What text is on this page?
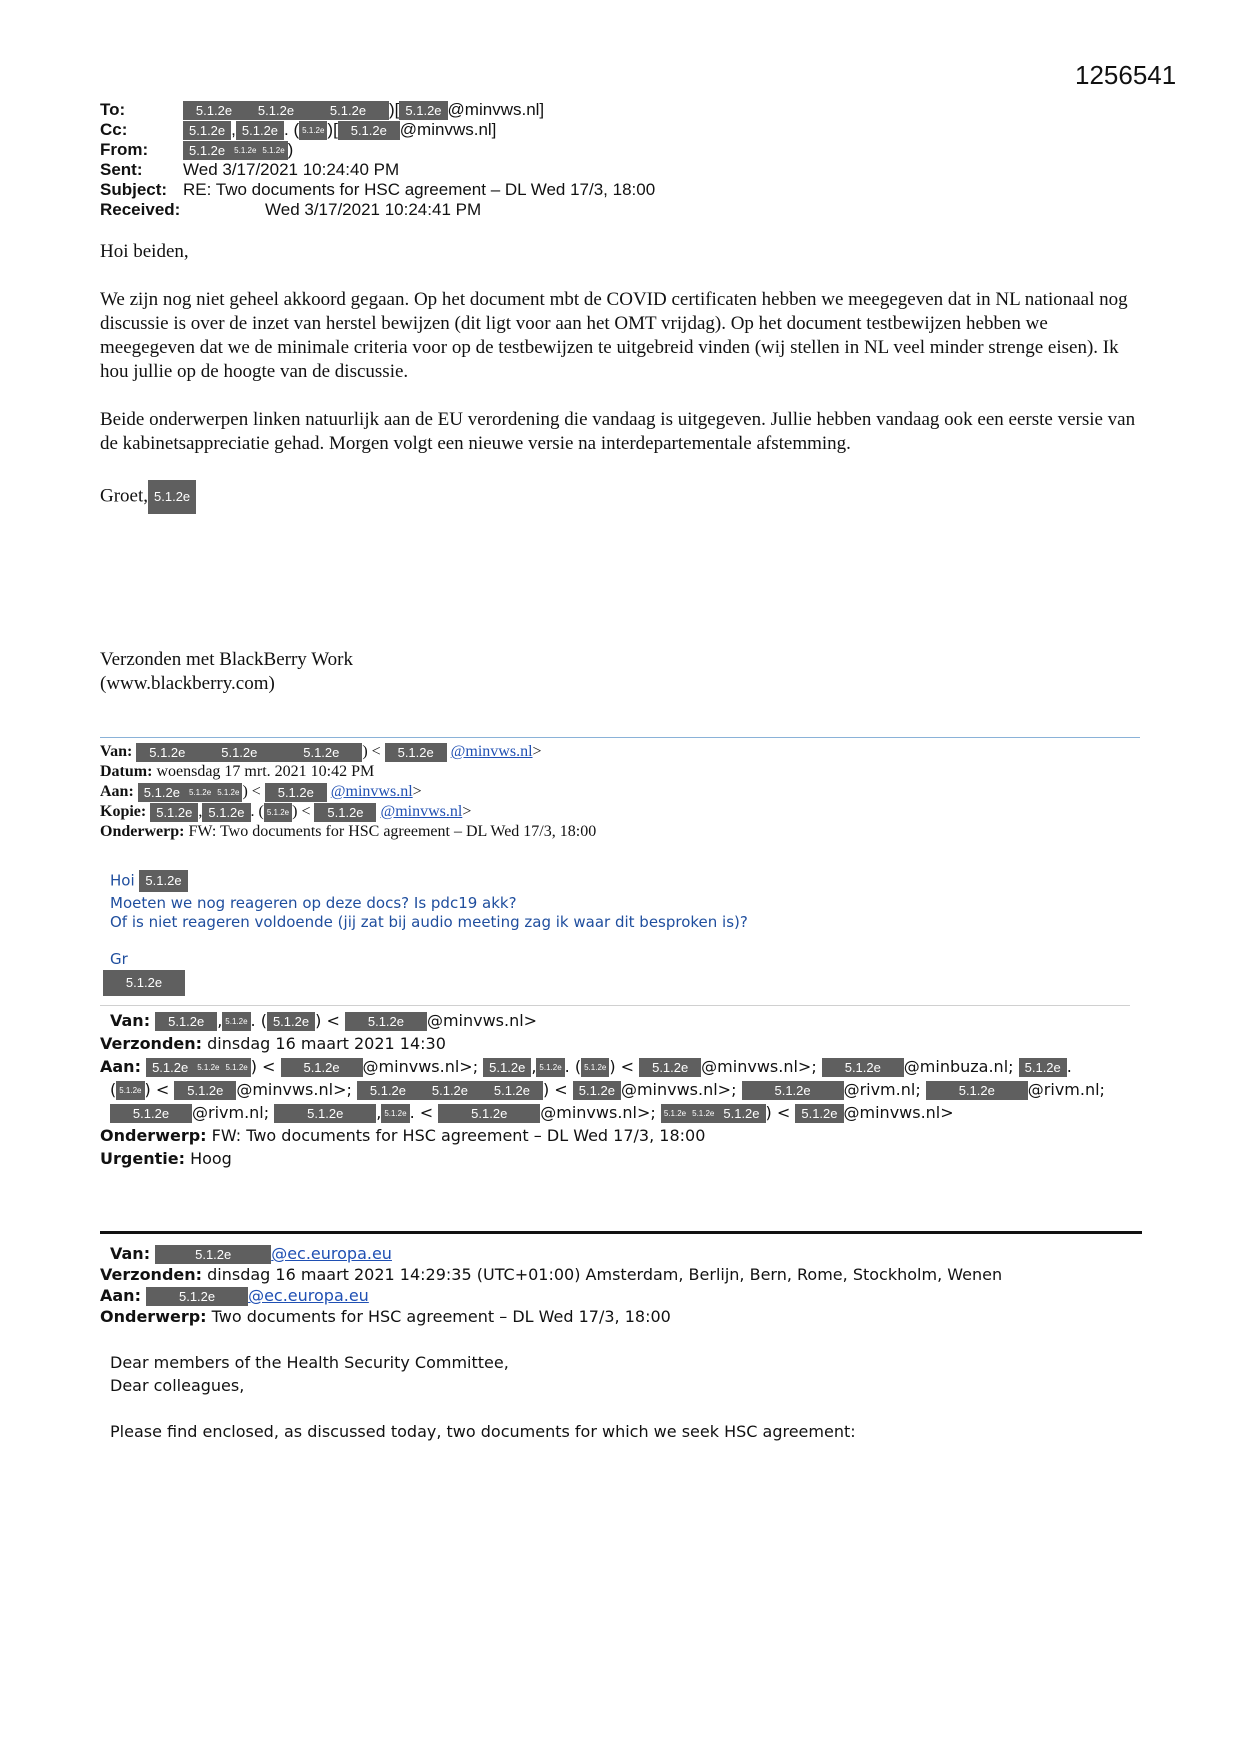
1256541
To:	5.1.2e 5.1.2e	5.1.2e )[ 5.1.2e @minvws.nl]
Cc:	5.1.2e , 5.1.2e . ( 5.1.2e )[ 5.1.2e @minvws.nl]
From:	5.1.2e 5.1.2e 5.1.2e )
Sent: Wed 3/17/2021 10:24:40 PM
Subject: RE: Two documents for HSC agreement – DL Wed 17/3, 18:00
Received:	Wed 3/17/2021 10:24:41 PM
Hoi beiden,
We zijn nog niet geheel akkoord gegaan. Op het document mbt de COVID certificaten hebben we meegegeven dat in NL nationaal nog discussie is over de inzet van herstel bewijzen (dit ligt voor aan het OMT vrijdag). Op het document testbewijzen hebben we meegegeven dat we de minimale criteria voor op de testbewijzen te uitgebreid vinden (wij stellen in NL veel minder strenge eisen). Ik hou jullie op de hoogte van de discussie.
Beide onderwerpen linken natuurlijk aan de EU verordening die vandaag is uitgegeven. Jullie hebben vandaag ook een eerste versie van de kabinetsappreciatie gehad. Morgen volgt een nieuwe versie na interdepartementale afstemming.
Groet, 5.1.2e
Verzonden met BlackBerry Work
(www.blackberry.com)
Van: 5.1.2e	5.1.2e	5.1.2e ) < 5.1.2e @minvws.nl>
Datum: woensdag 17 mrt. 2021 10:42 PM
Aan: 5.1.2e 5.1.2e 5.1.2e ) < 5.1.2e @minvws.nl>
Kopie: 5.1.2e , 5.1.2e . ( 5.1.2e ) < 5.1.2e @minvws.nl>
Onderwerp: FW: Two documents for HSC agreement – DL Wed 17/3, 18:00
Hoi 5.1.2e
Moeten we nog reageren op deze docs? Is pdc19 akk?
Of is niet reageren voldoende (jij zat bij audio meeting zag ik waar dit besproken is)?
Gr
5.1.2e
Van: 5.1.2e , 5.1.2e . ( 5.1.2e ) < 5.1.2e @minvws.nl>
Verzonden: dinsdag 16 maart 2021 14:30
Aan: 5.1.2e 5.1.2e 5.1.2e ) < 5.1.2e @minvws.nl>; 5.1.2e , 5.1.2e . ( 5.1.2e ) < 5.1.2e @minvws.nl>; 5.1.2e @minbuza.nl; 5.1.2e .
( 5.1.2e ) < 5.1.2e @minvws.nl>; 5.1.2e 5.1.2e 5.1.2e ) < 5.1.2e @minvws.nl>;	5.1.2e @rivm.nl;	5.1.2e @rivm.nl;
5.1.2e @rivm.nl;	5.1.2e , 5.1.2e . <	5.1.2e @minvws.nl>; 5.1.2e 5.1.2e 5.1.2e ) < 5.1.2e @minvws.nl>
Onderwerp: FW: Two documents for HSC agreement – DL Wed 17/3, 18:00
Urgentie: Hoog
Van:	5.1.2e @ec.europa.eu
Verzonden: dinsdag 16 maart 2021 14:29:35 (UTC+01:00) Amsterdam, Berlijn, Bern, Rome, Stockholm, Wenen
Aan:	5.1.2e @ec.europa.eu
Onderwerp: Two documents for HSC agreement – DL Wed 17/3, 18:00
Dear members of the Health Security Committee,
Dear colleagues,
Please find enclosed, as discussed today, two documents for which we seek HSC agreement:
